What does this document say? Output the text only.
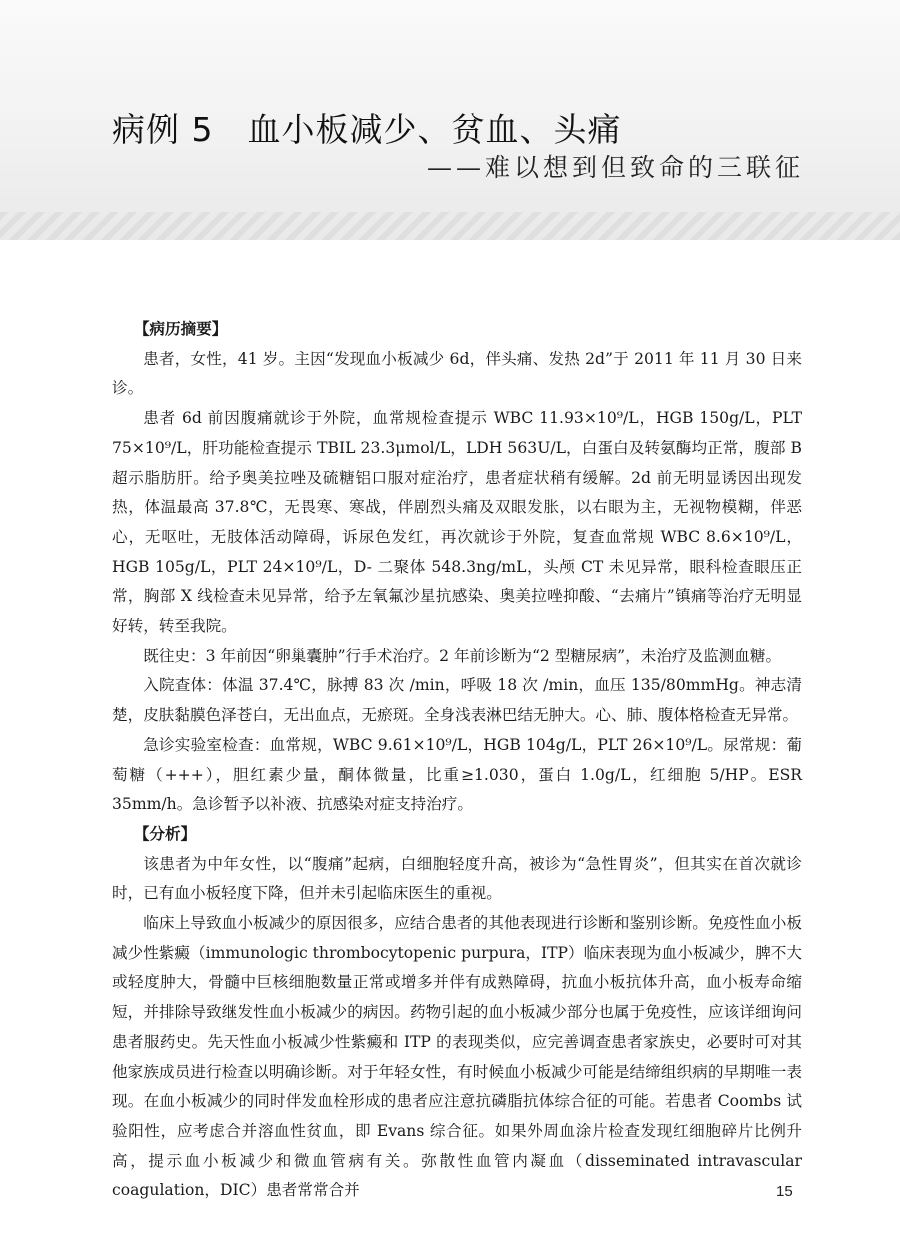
病例 5 血小板减少、贫血、头痛
——难以想到但致命的三联征
【病历摘要】

患者，女性，41 岁。主因“发现血小板减少 6d，伴头痛、发热 2d”于 2011 年 11 月 30 日来诊。

患者 6d 前因腹痛就诊于外院，血常规检查提示 WBC 11.93×10⁹/L，HGB 150g/L，PLT 75×10⁹/L，肝功能检查提示 TBIL 23.3μmol/L，LDH 563U/L，白蛋白及转氨酶均正常，腹部 B 超示脂肪肝。给予奥美拉唑及硫糖铝口服对症治疗，患者症状稍有缓解。2d 前无明显诱因出现发热，体温最高 37.8℃，无畏寒、寒战，伴剧烈头痛及双眼发胀，以右眼为主，无视物模糊，伴恶心，无呕吐，无肢体活动障碍，诉尿色发红，再次就诊于外院，复查血常规 WBC 8.6×10⁹/L，HGB 105g/L，PLT 24×10⁹/L，D- 二聚体 548.3ng/mL，头颅 CT 未见异常，眼科检查眼压正常，胸部 X 线检查未见异常，给予左氧氟沙星抗感染、奥美拉唑抑酸、“去痛片”镇痛等治疗无明显好转，转至我院。

既往史：3 年前因“卵巢囊肿”行手术治疗。2 年前诊断为“2 型糖尿病”，未治疗及监测血糖。

入院查体：体温 37.4℃，脉搏 83 次 /min，呼吸 18 次 /min，血压 135/80mmHg。神志清楚，皮肤黏膜色泽苍白，无出血点，无瘀斑。全身浅表淋巴结无肿大。心、肺、腹体格检查无异常。

急诊实验室检查：血常规，WBC 9.61×10⁹/L，HGB 104g/L，PLT 26×10⁹/L。尿常规：葡萄糖（+++），胆红素少量，酮体微量，比重≥1.030，蛋白 1.0g/L，红细胞 5/HP。ESR 35mm/h。急诊暂予以补液、抗感染对症支持治疗。

【分析】

该患者为中年女性，以“腹痛”起病，白细胞轻度升高，被诊为“急性胃炎”，但其实在首次就诊时，已有血小板轻度下降，但并未引起临床医生的重视。

临床上导致血小板减少的原因很多，应结合患者的其他表现进行诊断和鉴别诊断。免疫性血小板减少性紫癜（immunologic thrombocytopenic purpura，ITP）临床表现为血小板减少，脾不大或轻度肿大，骨髓中巨核细胞数量正常或增多并伴有成熟障碍，抗血小板抗体升高，血小板寿命缩短，并排除导致继发性血小板减少的病因。药物引起的血小板减少部分也属于免疫性，应该详细询问患者服药史。先天性血小板减少性紫癜和 ITP 的表现类似，应完善调查患者家族史，必要时可对其他家族成员进行检查以明确诊断。对于年轻女性，有时候血小板减少可能是结缔组织病的早期唯一表现。在血小板减少的同时伴发血栓形成的患者应注意抗磷脂抗体综合征的可能。若患者 Coombs 试验阳性，应考虑合并溶血性贫血，即 Evans 综合征。如果外周血涂片检查发现红细胞碎片比例升高，提示血小板减少和微血管病有关。弥散性血管内凝血（disseminated intravascular coagulation，DIC）患者常常合并	15
